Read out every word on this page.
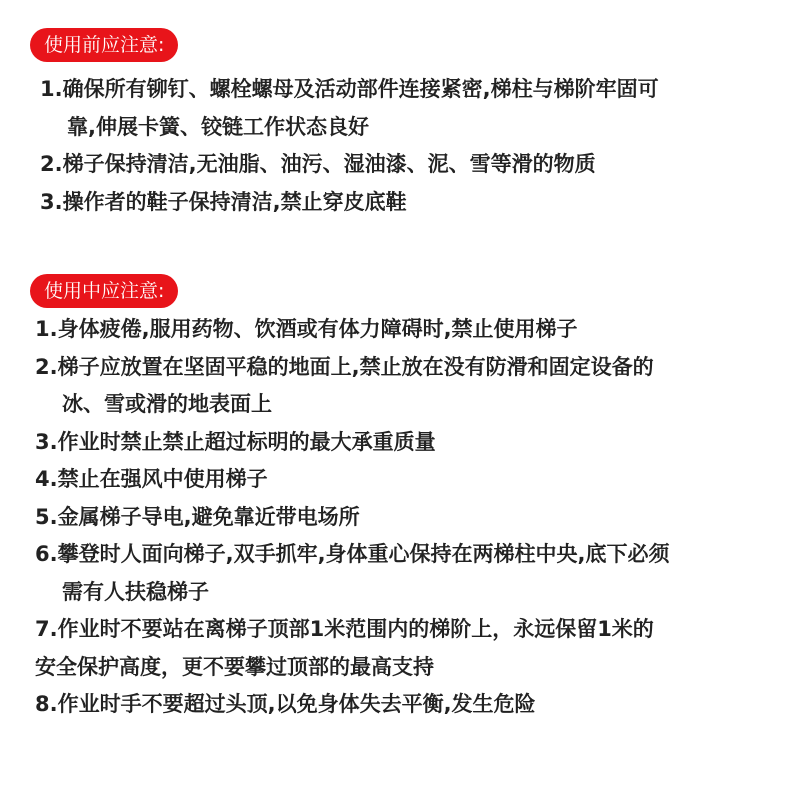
使用前应注意:
1.确保所有铆钉、螺栓螺母及活动部件连接紧密,梯柱与梯阶牢固可
靠,伸展卡簧、铰链工作状态良好
2.梯子保持清洁,无油脂、油污、湿油漆、泥、雪等滑的物质
3.操作者的鞋子保持清洁,禁止穿皮底鞋
使用中应注意:
1.身体疲倦,服用药物、饮酒或有体力障碍时,禁止使用梯子
2.梯子应放置在坚固平稳的地面上,禁止放在没有防滑和固定设备的
冰、雪或滑的地表面上
3.作业时禁止禁止超过标明的最大承重质量
4.禁止在强风中使用梯子
5.金属梯子导电,避免靠近带电场所
6.攀登时人面向梯子,双手抓牢,身体重心保持在两梯柱中央,底下必须
需有人扶稳梯子
7.作业时不要站在离梯子顶部1米范围内的梯阶上，永远保留1米的
安全保护高度，更不要攀过顶部的最高支持
8.作业时手不要超过头顶,以免身体失去平衡,发生危险
